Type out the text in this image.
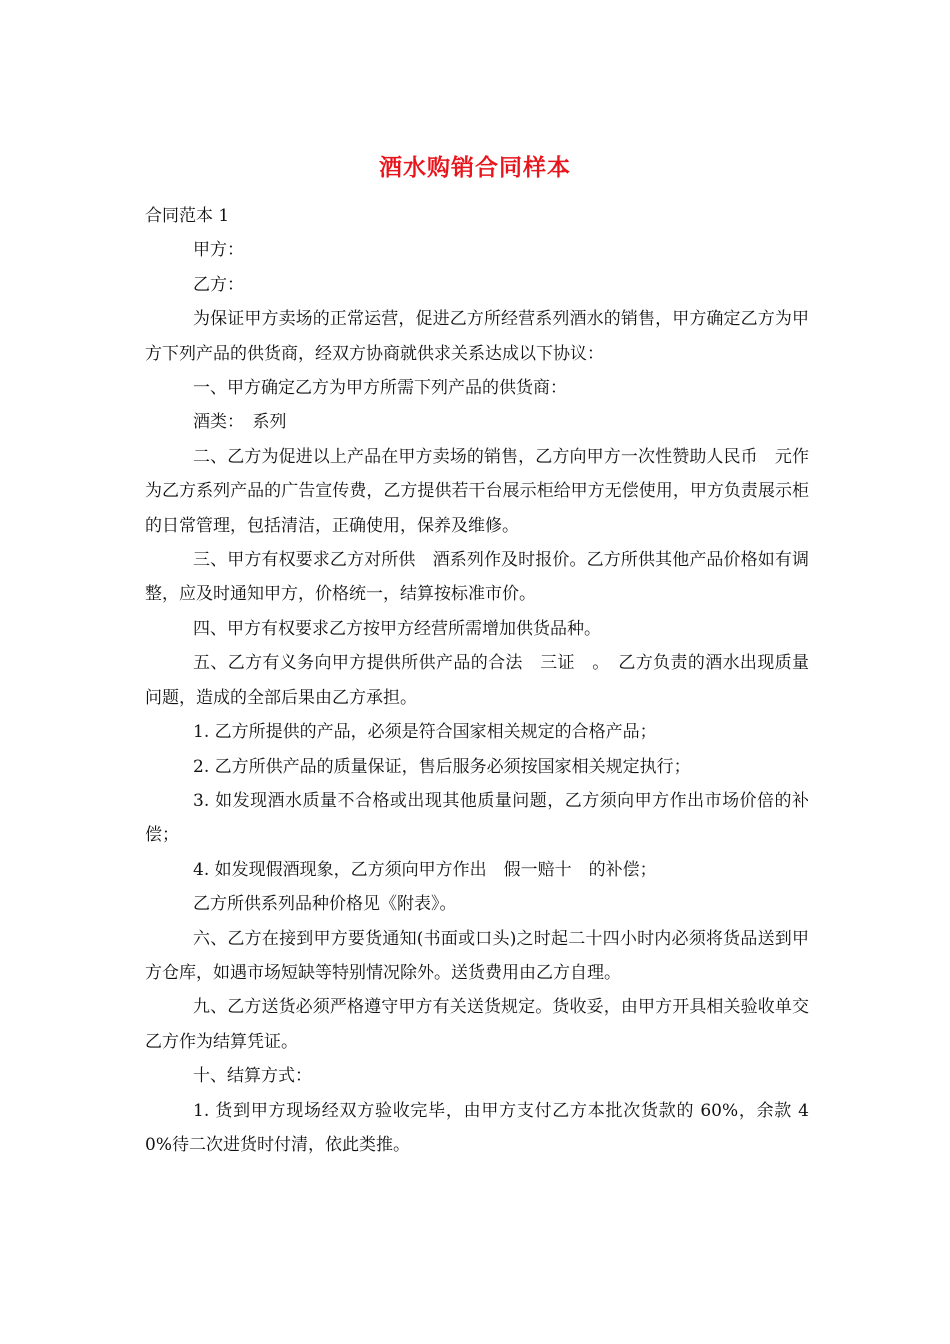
酒水购销合同样本

合同范本 1

甲方：

乙方：

为保证甲方卖场的正常运营，促进乙方所经营系列酒水的销售，甲方确定乙方为甲方下列产品的供货商，经双方协商就供求关系达成以下协议：

一、甲方确定乙方为甲方所需下列产品的供货商：

酒类：　系列

二、乙方为促进以上产品在甲方卖场的销售，乙方向甲方一次性赞助人民币　元作为乙方系列产品的广告宣传费，乙方提供若干台展示柜给甲方无偿使用，甲方负责展示柜的日常管理，包括清洁，正确使用，保养及维修。

三、甲方有权要求乙方对所供　酒系列作及时报价。乙方所供其他产品价格如有调整，应及时通知甲方，价格统一，结算按标准市价。

四、甲方有权要求乙方按甲方经营所需增加供货品种。

五、乙方有义务向甲方提供所供产品的合法　三证　。　乙方负责的酒水出现质量问题，造成的全部后果由乙方承担。

1. 乙方所提供的产品，必须是符合国家相关规定的合格产品；

2. 乙方所供产品的质量保证，售后服务必须按国家相关规定执行；

3. 如发现酒水质量不合格或出现其他质量问题，乙方须向甲方作出市场价倍的补偿；

4. 如发现假酒现象，乙方须向甲方作出　假一赔十　的补偿；

乙方所供系列品种价格见《附表》。

六、乙方在接到甲方要货通知(书面或口头)之时起二十四小时内必须将货品送到甲方仓库，如遇市场短缺等特别情况除外。送货费用由乙方自理。

九、乙方送货必须严格遵守甲方有关送货规定。货收妥，由甲方开具相关验收单交乙方作为结算凭证。

十、结算方式：

1. 货到甲方现场经双方验收完毕，由甲方支付乙方本批次货款的 60%，余款 40%待二次进货时付清，依此类推。
